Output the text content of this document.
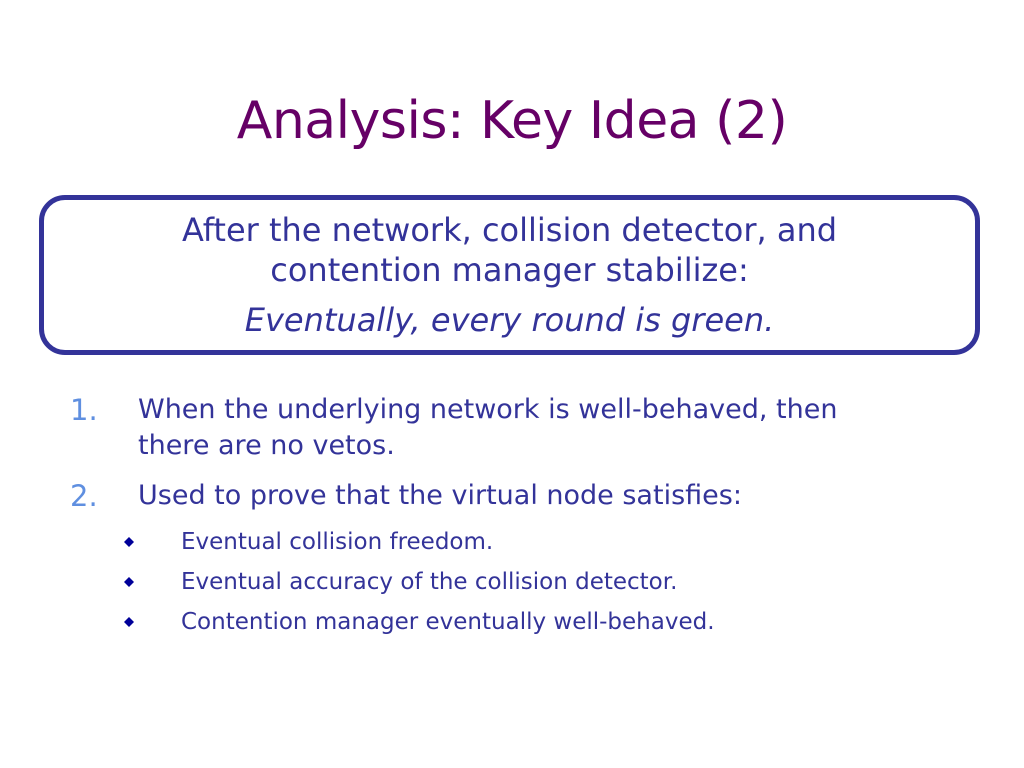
Analysis: Key Idea (2)
After the network, collision detector, and
contention manager stabilize:
Eventually, every round is green.
1. When the underlying network is well-behaved, then
there are no vetos.
2. Used to prove that the virtual node satisfies:
Eventual collision freedom.
Eventual accuracy of the collision detector.
Contention manager eventually well-behaved.
